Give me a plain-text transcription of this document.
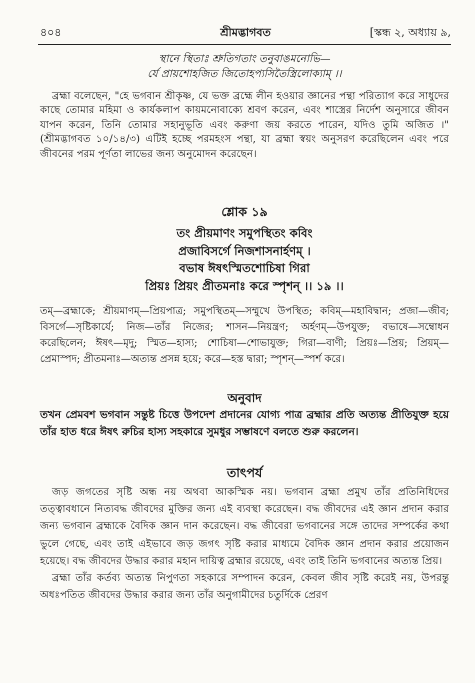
৪০৪	শ্রীমদ্ভাগবত	[স্কন্ধ ২, অধ্যায় ৯,
স্থানে স্থিতাঃ শ্রুতিগতাং তনুবাঙমনোভি—
র্যে প্রায়শোহজিত জিতোহপ্যসিতৈস্ত্রিলোক্যাম্ ।।
ব্রহ্মা বলেছেন, "হে ভগবান শ্রীকৃষ্ণ, যে ভক্ত ব্রহ্মে লীন হওয়ার জ্ঞানের পন্থা পরিত্যাগ করে সাধুদের কাছে তোমার মহিমা ও কার্যকলাপ কায়মনোবাক্যে শ্রবণ করেন, এবং শাস্ত্রের নির্দেশ অনুসারে জীবন যাপন করেন, তিনি তোমার সহানুভূতি এবং করুণা জয় করতে পারেন, যদিও তুমি অজিত ।" (শ্রীমদ্ভাগবত ১০/১৪/৩) এটিই হচ্ছে পরমহংস পন্থা, যা ব্রহ্মা স্বয়ং অনুসরণ করেছিলেন এবং পরে জীবনের পরম পূর্ণতা লাভের জন্য অনুমোদন করেছেন।
শ্লোক ১৯
তং প্রীয়মাণং সমুপস্থিতং কবিং
প্রজাবিসর্গে নিজশাসনার্হণম্ ।
বভাষ ঈষৎস্মিতশোচিষা গিরা
প্রিয়ঃ প্রিয়ং প্রীতমনাঃ করে স্পৃশন্ ।। ১৯ ।।
তম্—ব্রহ্মাকে; শ্রীয়মাণম্—প্রিয়পাত্র; সমুপস্থিতম্—সম্মুখে উপস্থিত; কবিম্—মহাবিদ্বান; প্রজা—জীব; বিসর্গে—সৃষ্টিকার্যে; নিজ—তাঁর নিজের; শাসন—নিয়ন্ত্রণ; অর্হণম্—উপযুক্ত; বভাষে—সম্বোধন করেছিলেন; ঈষৎ—মৃদু; স্মিত—হাস্য; শোচিষা—শোভাযুক্ত; গিরা—বাণী; প্রিয়ঃ—প্রিয়; প্রিয়ম্—প্রেমাস্পদ; প্রীতমনাঃ—অত্যন্ত প্রসন্ন হয়ে; করে—হস্ত দ্বারা; স্পৃশন্—স্পর্শ করে।
অনুবাদ
তখন প্রেমবশ ভগবান সন্তুষ্ট চিত্তে উপদেশ প্রদানের যোগ্য পাত্র ব্রহ্মার প্রতি অত্যন্ত প্রীতিযুক্ত হয়ে তাঁর হাত ধরে ঈষৎ রুচির হাস্য সহকারে সুমধুর সম্ভাষণে বলতে শুরু করলেন।
তাৎপর্য

জড় জগতের সৃষ্টি অন্ধ নয় অথবা আকস্মিক নয়। ভগবান ব্রহ্মা প্রমুখ তাঁর প্রতিনিধিদের তত্ত্বাবধানে নিত্যবদ্ধ জীবদের মুক্তির জন্য এই ব্যবস্থা করেছেন। বদ্ধ জীবদের এই জ্ঞান প্রদান করার জন্য ভগবান ব্রহ্মাকে বৈদিক জ্ঞান দান করেছেন। বদ্ধ জীবেরা ভগবানের সঙ্গে তাদের সম্পর্কের কথা ভুলে গেছে, এবং তাই এইভাবে জড় জগৎ সৃষ্টি করার মাধ্যমে বৈদিক জ্ঞান প্রদান করার প্রয়োজন হয়েছে। বদ্ধ জীবদের উদ্ধার করার মহান দায়িত্ব ব্রহ্মার রয়েছে, এবং তাই তিনি ভগবানের অত্যন্ত প্রিয়।

ব্রহ্মা তাঁর কর্তব্য অত্যন্ত নিপুণতা সহকারে সম্পাদন করেন, কেবল জীব সৃষ্টি করেই নয়, উপরন্তু অধঃপতিত জীবদের উদ্ধার করার জন্য তাঁর অনুগামীদের চতুর্দিকে প্রেরণ
